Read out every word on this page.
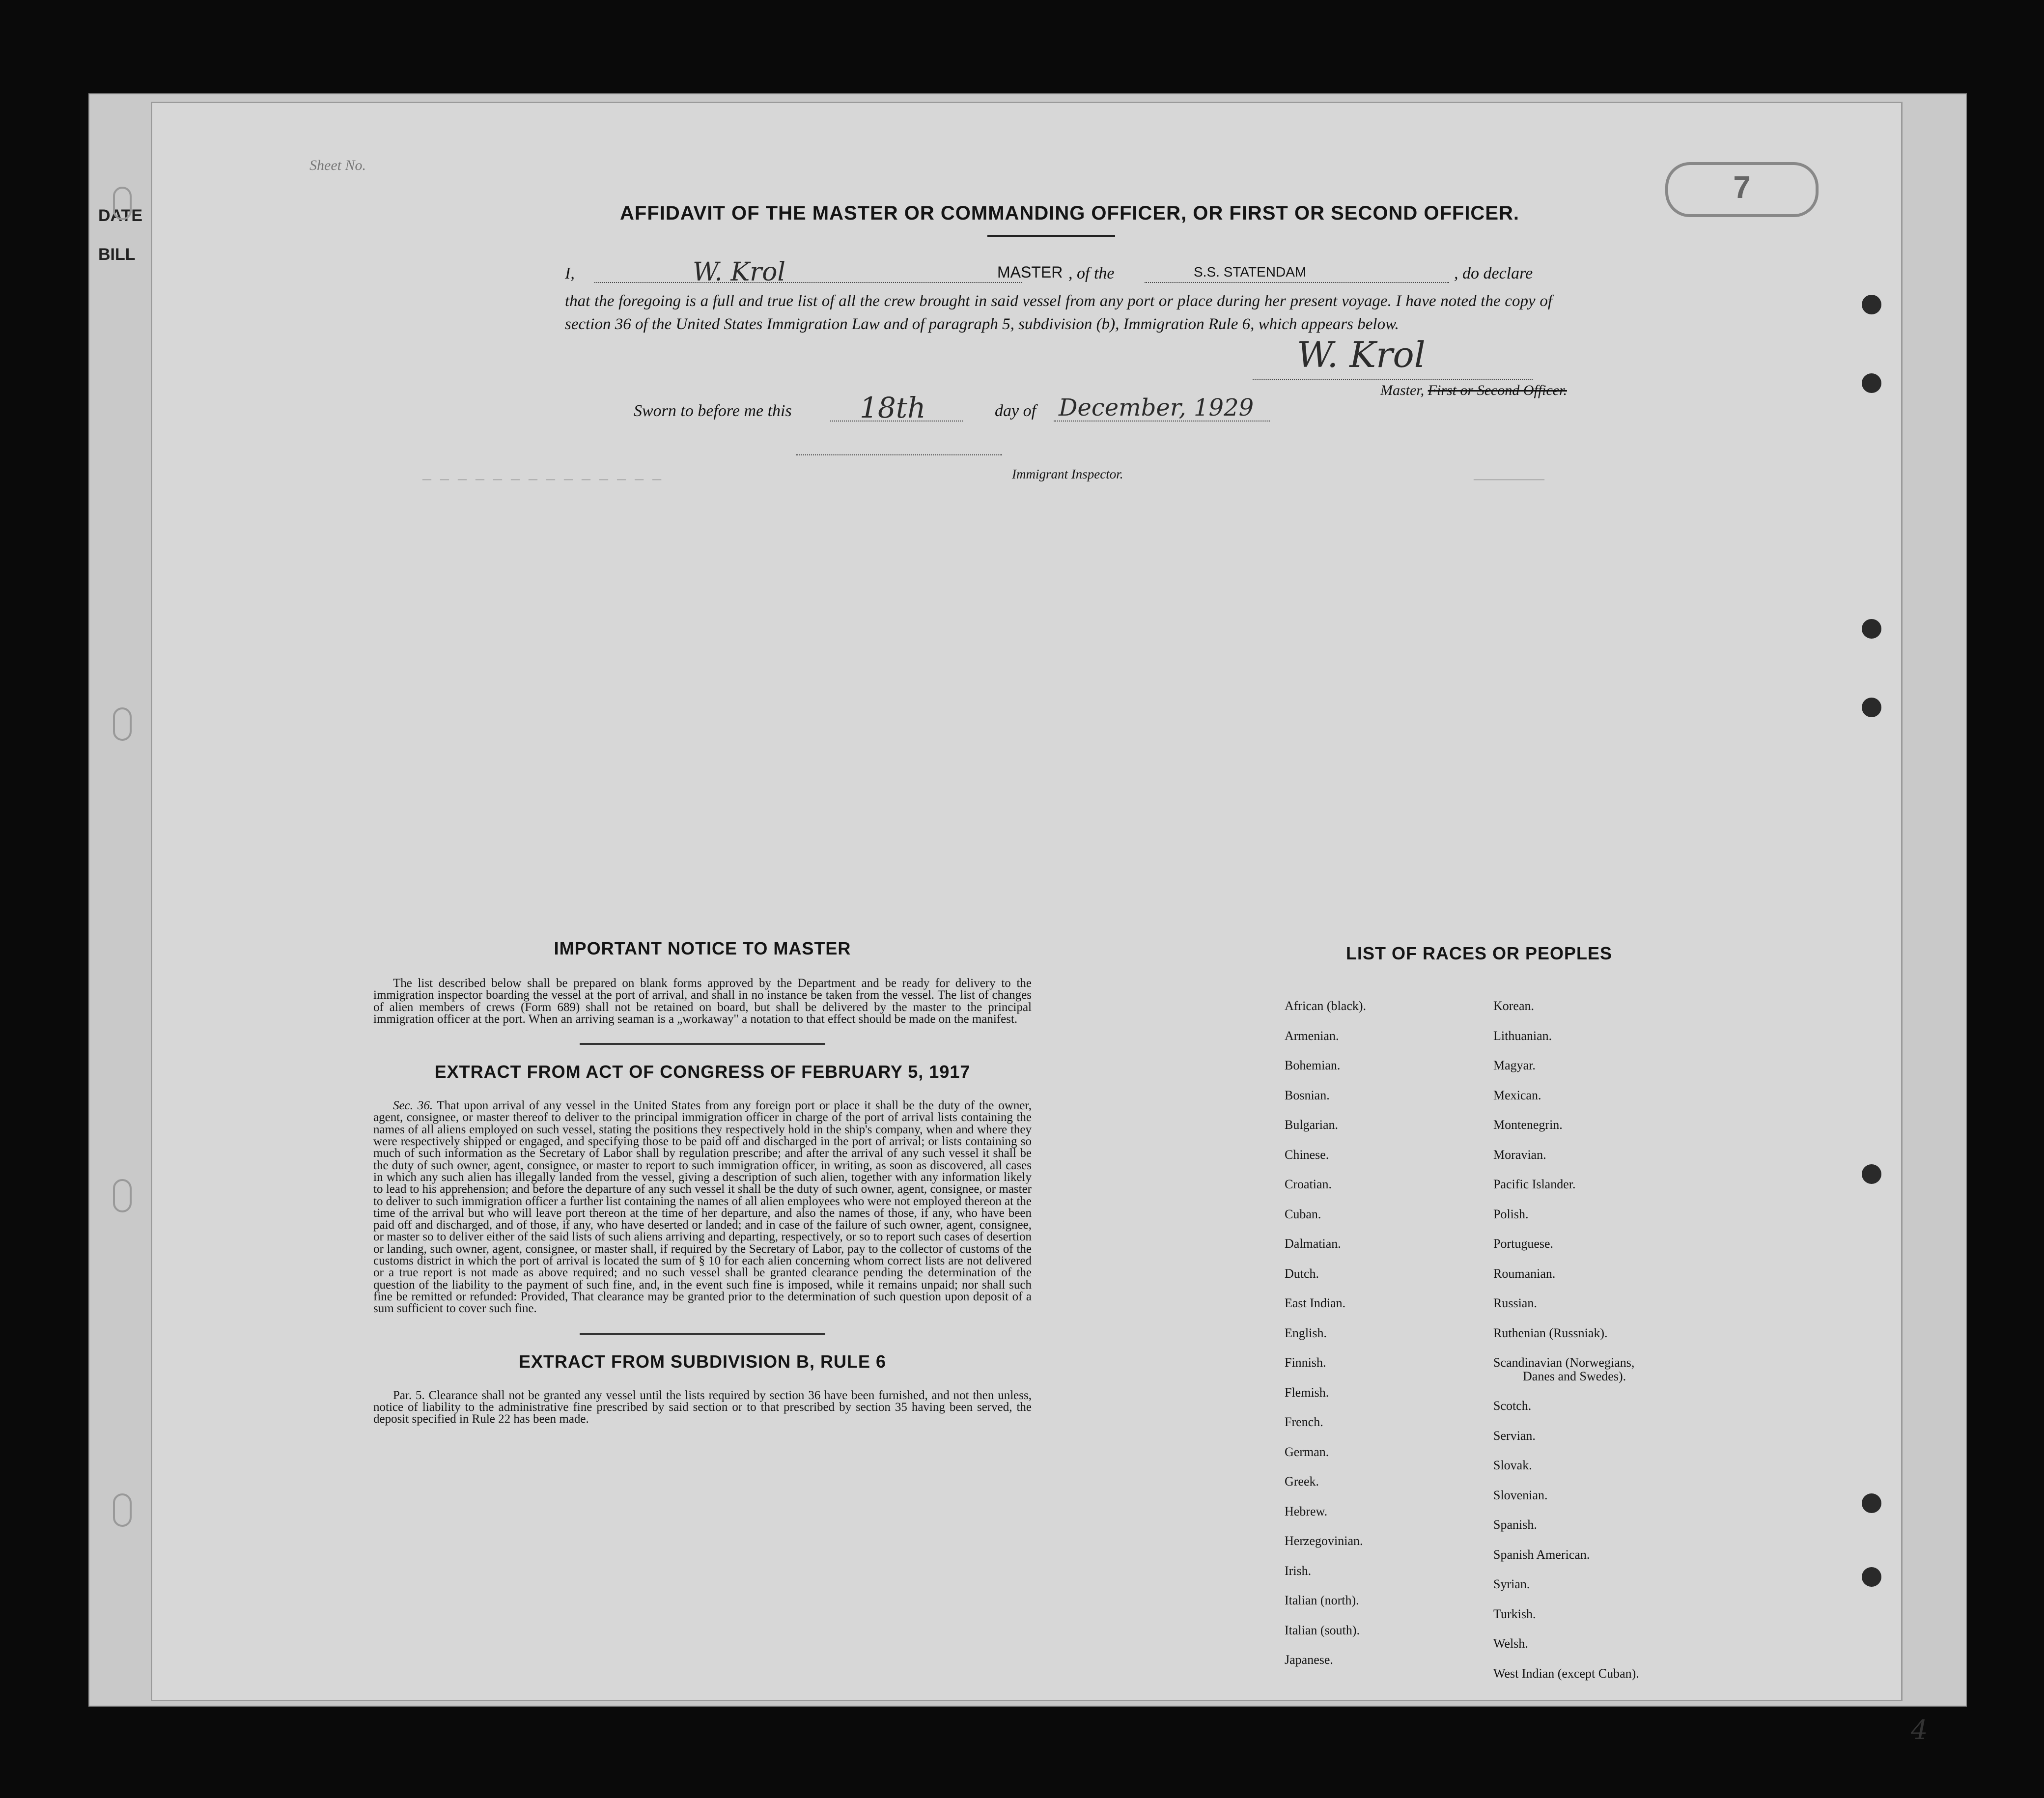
DATE
BILL
Sheet No.
7
————————
— — — — — — — — — — — — — —
AFFIDAVIT OF THE MASTER OR COMMANDING OFFICER, OR FIRST OR SECOND OFFICER.
I,	W. Krol	MASTER , of the	S.S. STATENDAM	, do declare
that the foregoing is a full and true list of all the crew brought in said vessel from any port or place during her present voyage. I have noted the copy of section 36 of the United States Immigration Law and of paragraph 5, subdivision (b), Immigration Rule 6, which appears below.
W. Krol
Master, First or Second Officer.
Sworn to before me this 18th	day of December, 1929
Immigrant Inspector.
IMPORTANT NOTICE TO MASTER

The list described below shall be prepared on blank forms approved by the Department and be ready for delivery to the immigration inspector boarding the vessel at the port of arrival, and shall in no instance be taken from the vessel. The list of changes of alien members of crews (Form 689) shall not be retained on board, but shall be delivered by the master to the principal immigration officer at the port. When an arriving seaman is a „workaway" a notation to that effect should be made on the manifest.

EXTRACT FROM ACT OF CONGRESS OF FEBRUARY 5, 1917

Sec. 36. That upon arrival of any vessel in the United States from any foreign port or place it shall be the duty of the owner, agent, consignee, or master thereof to deliver to the principal immigration officer in charge of the port of arrival lists containing the names of all aliens employed on such vessel, stating the positions they respectively hold in the ship's company, when and where they were respectively shipped or engaged, and specifying those to be paid off and discharged in the port of arrival; or lists containing so much of such information as the Secretary of Labor shall by regulation prescribe; and after the arrival of any such vessel it shall be the duty of such owner, agent, consignee, or master to report to such immigration officer, in writing, as soon as discovered, all cases in which any such alien has illegally landed from the vessel, giving a description of such alien, together with any information likely to lead to his apprehension; and before the departure of any such vessel it shall be the duty of such owner, agent, consignee, or master to deliver to such immigration officer a further list containing the names of all alien employees who were not employed thereon at the time of the arrival but who will leave port thereon at the time of her departure, and also the names of those, if any, who have been paid off and discharged, and of those, if any, who have deserted or landed; and in case of the failure of such owner, agent, consignee, or master so to deliver either of the said lists of such aliens arriving and departing, respectively, or so to report such cases of desertion or landing, such owner, agent, consignee, or master shall, if required by the Secretary of Labor, pay to the collector of customs of the customs district in which the port of arrival is located the sum of § 10 for each alien concerning whom correct lists are not delivered or a true report is not made as above required; and no such vessel shall be granted clearance pending the determination of the question of the liability to the payment of such fine, and, in the event such fine is imposed, while it remains unpaid; nor shall such fine be remitted or refunded: Provided, That clearance may be granted prior to the determination of such question upon deposit of a sum sufficient to cover such fine.

EXTRACT FROM SUBDIVISION B, RULE 6

Par. 5. Clearance shall not be granted any vessel until the lists required by section 36 have been furnished, and not then unless, notice of liability to the administrative fine prescribed by said section or to that prescribed by section 35 having been served, the deposit specified in Rule 22 has been made.

LIST OF RACES OR PEOPLES
African (black).
Armenian.
Bohemian.
Bosnian.
Bulgarian.
Chinese.
Croatian.
Cuban.
Dalmatian.
Dutch.
East Indian.
English.
Finnish.
Flemish.
French.
German.
Greek.
Hebrew.
Herzegovinian.
Irish.
Italian (north).
Italian (south).
Japanese.
Korean.
Lithuanian.
Magyar.
Mexican.
Montenegrin.
Moravian.
Pacific Islander.
Polish.
Portuguese.
Roumanian.
Russian.
Ruthenian (Russniak).
Scandinavian (Norwegians,
Danes and Swedes).
Scotch.
Servian.
Slovak.
Slovenian.
Spanish.
Spanish American.
Syrian.
Turkish.
Welsh.
West Indian (except Cuban).
4
